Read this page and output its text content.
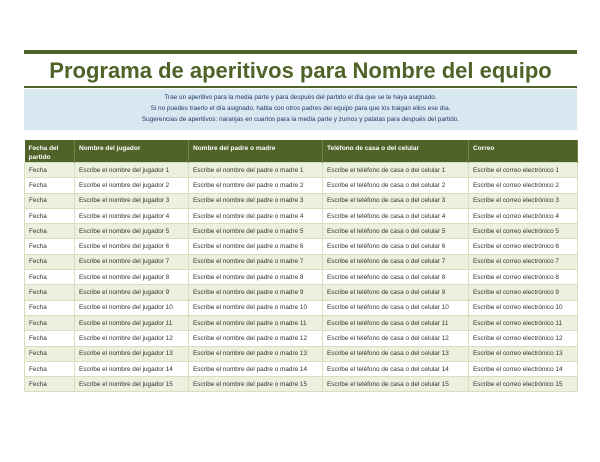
Programa de aperitivos para Nombre del equipo
Trae un aperitivo para la media parte y para después del partido el día que se te haya asignado.
Si no puedes traerlo el día asignado, habla con otros padres del equipo para que los traigan ellos ese día.
Sugerencias de aperitivos: naranjas en cuartos para la media parte y zumos y patatas para después del partido.
Fecha del partido	Nombre del jugador	Nombre del padre o madre	Teléfono de casa o del celular	Correo
Fecha	Escribe el nombre del jugador 1	Escribe el nombre del padre o madre 1	Escribe el teléfono de casa o del celular 1	Escribe el correo electrónico 1
Fecha	Escribe el nombre del jugador 2	Escribe el nombre del padre o madre 2	Escribe el teléfono de casa o del celular 2	Escribe el correo electrónico 2
Fecha	Escribe el nombre del jugador 3	Escribe el nombre del padre o madre 3	Escribe el teléfono de casa o del celular 3	Escribe el correo electrónico 3
Fecha	Escribe el nombre del jugador 4	Escribe el nombre del padre o madre 4	Escribe el teléfono de casa o del celular 4	Escribe el correo electrónico 4
Fecha	Escribe el nombre del jugador 5	Escribe el nombre del padre o madre 5	Escribe el teléfono de casa o del celular 5	Escribe el correo electrónico 5
Fecha	Escribe el nombre del jugador 6	Escribe el nombre del padre o madre 6	Escribe el teléfono de casa o del celular 6	Escribe el correo electrónico 6
Fecha	Escribe el nombre del jugador 7	Escribe el nombre del padre o madre 7	Escribe el teléfono de casa o del celular 7	Escribe el correo electrónico 7
Fecha	Escribe el nombre del jugador 8	Escribe el nombre del padre o madre 8	Escribe el teléfono de casa o del celular 8	Escribe el correo electrónico 8
Fecha	Escribe el nombre del jugador 9	Escribe el nombre del padre o madre 9	Escribe el teléfono de casa o del celular 9	Escribe el correo electrónico 9
Fecha	Escribe el nombre del jugador 10	Escribe el nombre del padre o madre 10	Escribe el teléfono de casa o del celular 10	Escribe el correo electrónico 10
Fecha	Escribe el nombre del jugador 11	Escribe el nombre del padre o madre 11	Escribe el teléfono de casa o del celular 11	Escribe el correo electrónico 11
Fecha	Escribe el nombre del jugador 12	Escribe el nombre del padre o madre 12	Escribe el teléfono de casa o del celular 12	Escribe el correo electrónico 12
Fecha	Escribe el nombre del jugador 13	Escribe el nombre del padre o madre 13	Escribe el teléfono de casa o del celular 13	Escribe el correo electrónico 13
Fecha	Escribe el nombre del jugador 14	Escribe el nombre del padre o madre 14	Escribe el teléfono de casa o del celular 14	Escribe el correo electrónico 14
Fecha	Escribe el nombre del jugador 15	Escribe el nombre del padre o madre 15	Escribe el teléfono de casa o del celular 15	Escribe el correo electrónico 15
